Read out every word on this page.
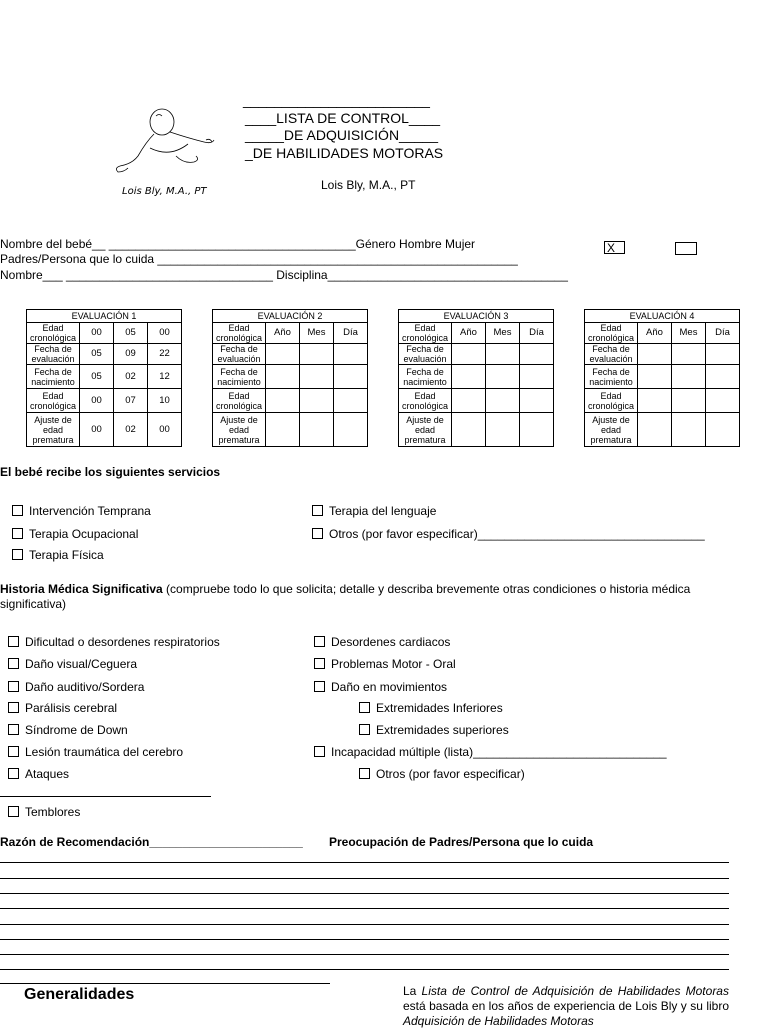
Lois Bly, M.A., PT
________________________
____LISTA DE CONTROL____
_____DE ADQUISICIÓN_____
_DE HABILIDADES MOTORAS
Lois Bly, M.A., PT
Nombre del bebé__ _____________________________________Género Hombre Mujer	X
Padres/Persona que lo cuida ______________________________________________________
Nombre___ _______________________________ Disciplina____________________________________
EVALUACIÓN 1			
Edad cronológica	00	05	00
Fecha de evaluación	05	09	22
Fecha de nacimiento	05	02	12
Edad cronológica	00	07	10
Ajuste de edad prematura	00	02	00
EVALUACIÓN 2			
Edad cronológica	Año	Mes	Día
Fecha de evaluación			
Fecha de nacimiento			
Edad cronológica			
Ajuste de edad prematura			
EVALUACIÓN 3			
Edad cronológica	Año	Mes	Día
Fecha de evaluación			
Fecha de nacimiento			
Edad cronológica			
Ajuste de edad prematura			
EVALUACIÓN 4			
Edad cronológica	Año	Mes	Día
Fecha de evaluación			
Fecha de nacimiento			
Edad cronológica			
Ajuste de edad prematura			
El bebé recibe los siguientes servicios
Intervención Temprana
Terapia Ocupacional
Terapia Física
Terapia del lenguaje
Otros (por favor especificar)__________________________________
Historia Médica Significativa (compruebe todo lo que solicita; detalle y describa brevemente otras condiciones o historia médica
significativa)
Dificultad o desordenes respiratorios
Daño visual/Ceguera
Daño auditivo/Sordera
Parálisis cerebral
Síndrome de Down
Lesión traumática del cerebro
Ataques
Desordenes cardiacos
Problemas Motor - Oral
Daño en movimientos
Extremidades Inferiores
Extremidades superiores
Incapacidad múltiple (lista)_____________________________
Otros (por favor especificar)
Temblores
Razón de Recomendación_______________________ Preocupación de Padres/Persona que lo cuida
Generalidades	La Lista de Control de Adquisición de Habilidades Motoras está basada en los años de experiencia de Lois Bly y su libro Adquisición de Habilidades Motoras
